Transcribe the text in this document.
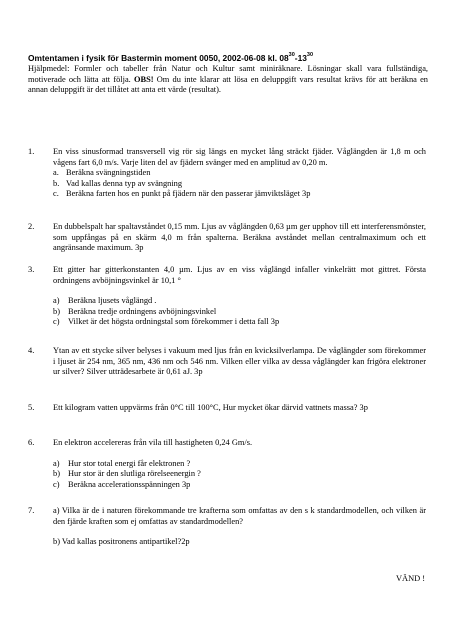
Omtentamen i fysik för Bastermin moment 0050, 2002-06-08 kl. $08^{30}-13^{30}$
Hjälpmedel: Formler och tabeller från Natur och Kultur samt miniräknare. Lösningar skall vara fullständiga, motiverade och lätta att följa. OBS! Om du inte klarar att lösa en deluppgift vars resultat krävs för att beräkna en annan deluppgift är det tillåtet att anta ett värde (resultat).
1. En viss sinusformad transversell vig rör sig längs en mycket lång sträckt fjäder. Våglängden är 1,8 m och vågens fart 6,0 m/s. Varje liten del av fjädern svänger med en amplitud av 0,20 m.
a. Beräkna svängningstiden
b. Vad kallas denna typ av svängning
c. Beräkna farten hos en punkt på fjädern när den passerar jämviktsläget 3p
2. En dubbelspalt har spaltavståndet 0,15 mm. Ljus av våglängden 0,63 µm ger upphov till ett interferensmönster, som uppfångas på en skärm 4,0 m från spalterna. Beräkna avståndet mellan centralmaximum och ett angränsande maximum. 3p
3. Ett gitter har gitterkonstanten 4,0 µm. Ljus av en viss våglängd infaller vinkelrätt mot gittret. Första ordningens avböjningsvinkel är 10,1 °
a) Beräkna ljusets våglängd .
b) Beräkna tredje ordningens avböjningsvinkel
c) Vilket är det högsta ordningstal som förekommer i detta fall 3p
4. Ytan av ett stycke silver belyses i vakuum med ljus från en kvicksilverlampa. De våglängder som förekommer i ljuset är 254 nm, 365 nm, 436 nm och 546 nm. Vilken eller vilka av dessa våglängder kan frigöra elektroner ur silver? Silver utträdesarbete är 0,61 aJ. 3p
5. Ett kilogram vatten uppvärms från 0°C till 100°C, Hur mycket ökar därvid vattnets massa? 3p
6. En elektron accelereras från vila till hastigheten 0,24 Gm/s.
a) Hur stor total energi får elektronen ?
b) Hur stor är den slutliga rörelseenergin ?
c) Beräkna accelerationsspänningen 3p
7. a) Vilka är de i naturen förekommande tre krafterna som omfattas av den s k standardmodellen, och vilken är den fjärde kraften som ej omfattas av standardmodellen?
b) Vad kallas positronens antipartikel?2p
VÄND !
